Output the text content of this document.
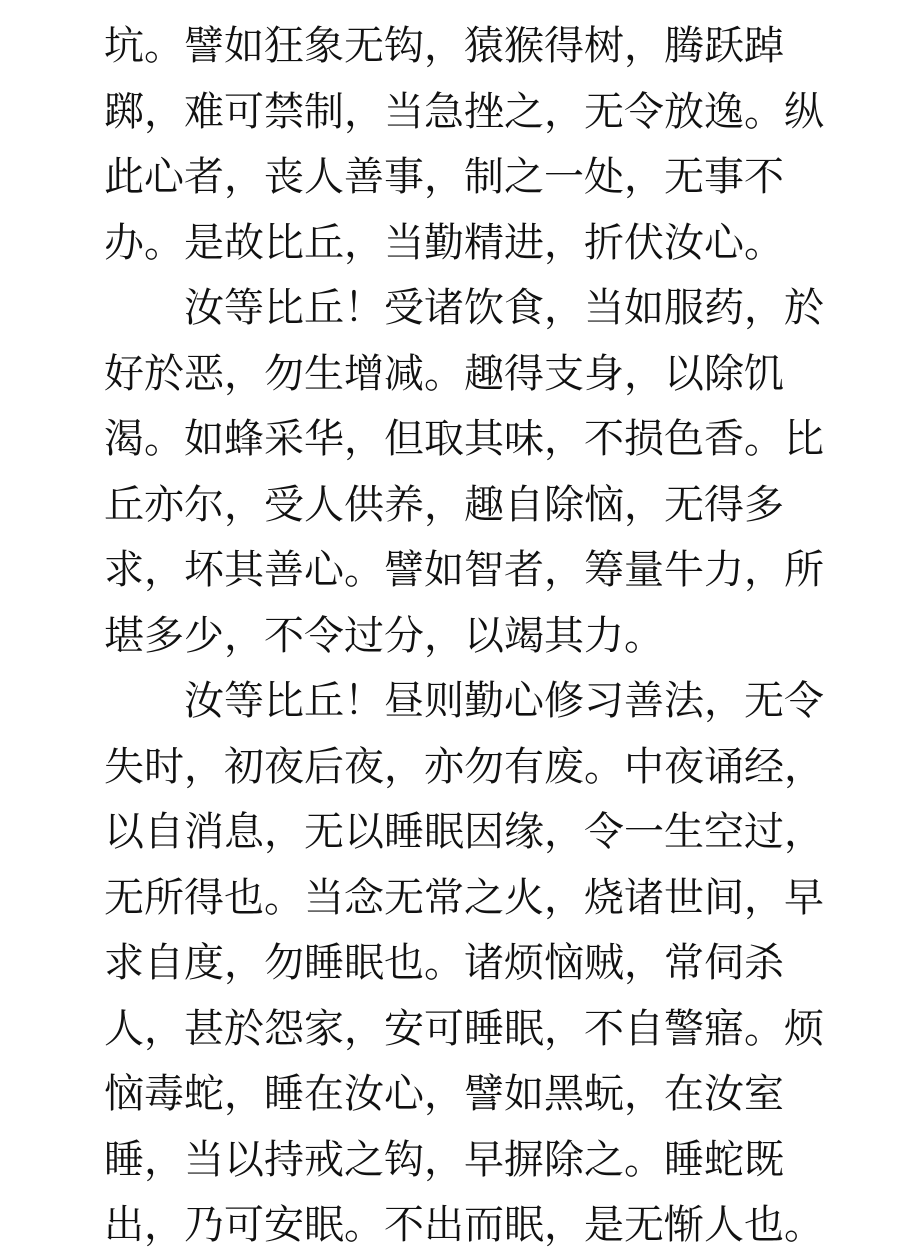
坑。譬如狂象无钩，猿猴得树，腾跃踔
踯，难可禁制，当急挫之，无令放逸。纵
此心者，丧人善事，制之一处，无事不
办。是故比丘，当勤精进，折伏汝心。
　　汝等比丘！受诸饮食，当如服药，於
好於恶，勿生增减。趣得支身，以除饥
渴。如蜂采华，但取其味，不损色香。比
丘亦尔，受人供养，趣自除恼，无得多
求，坏其善心。譬如智者，筹量牛力，所
堪多少，不令过分，以竭其力。
　　汝等比丘！昼则勤心修习善法，无令
失时，初夜后夜，亦勿有废。中夜诵经，
以自消息，无以睡眠因缘，令一生空过，
无所得也。当念无常之火，烧诸世间，早
求自度，勿睡眠也。诸烦恼贼，常伺杀
人，甚於怨家，安可睡眠，不自警寤。烦
恼毒蛇，睡在汝心，譬如黑蚖，在汝室
睡，当以持戒之钩，早摒除之。睡蛇既
出，乃可安眠。不出而眠，是无惭人也。
